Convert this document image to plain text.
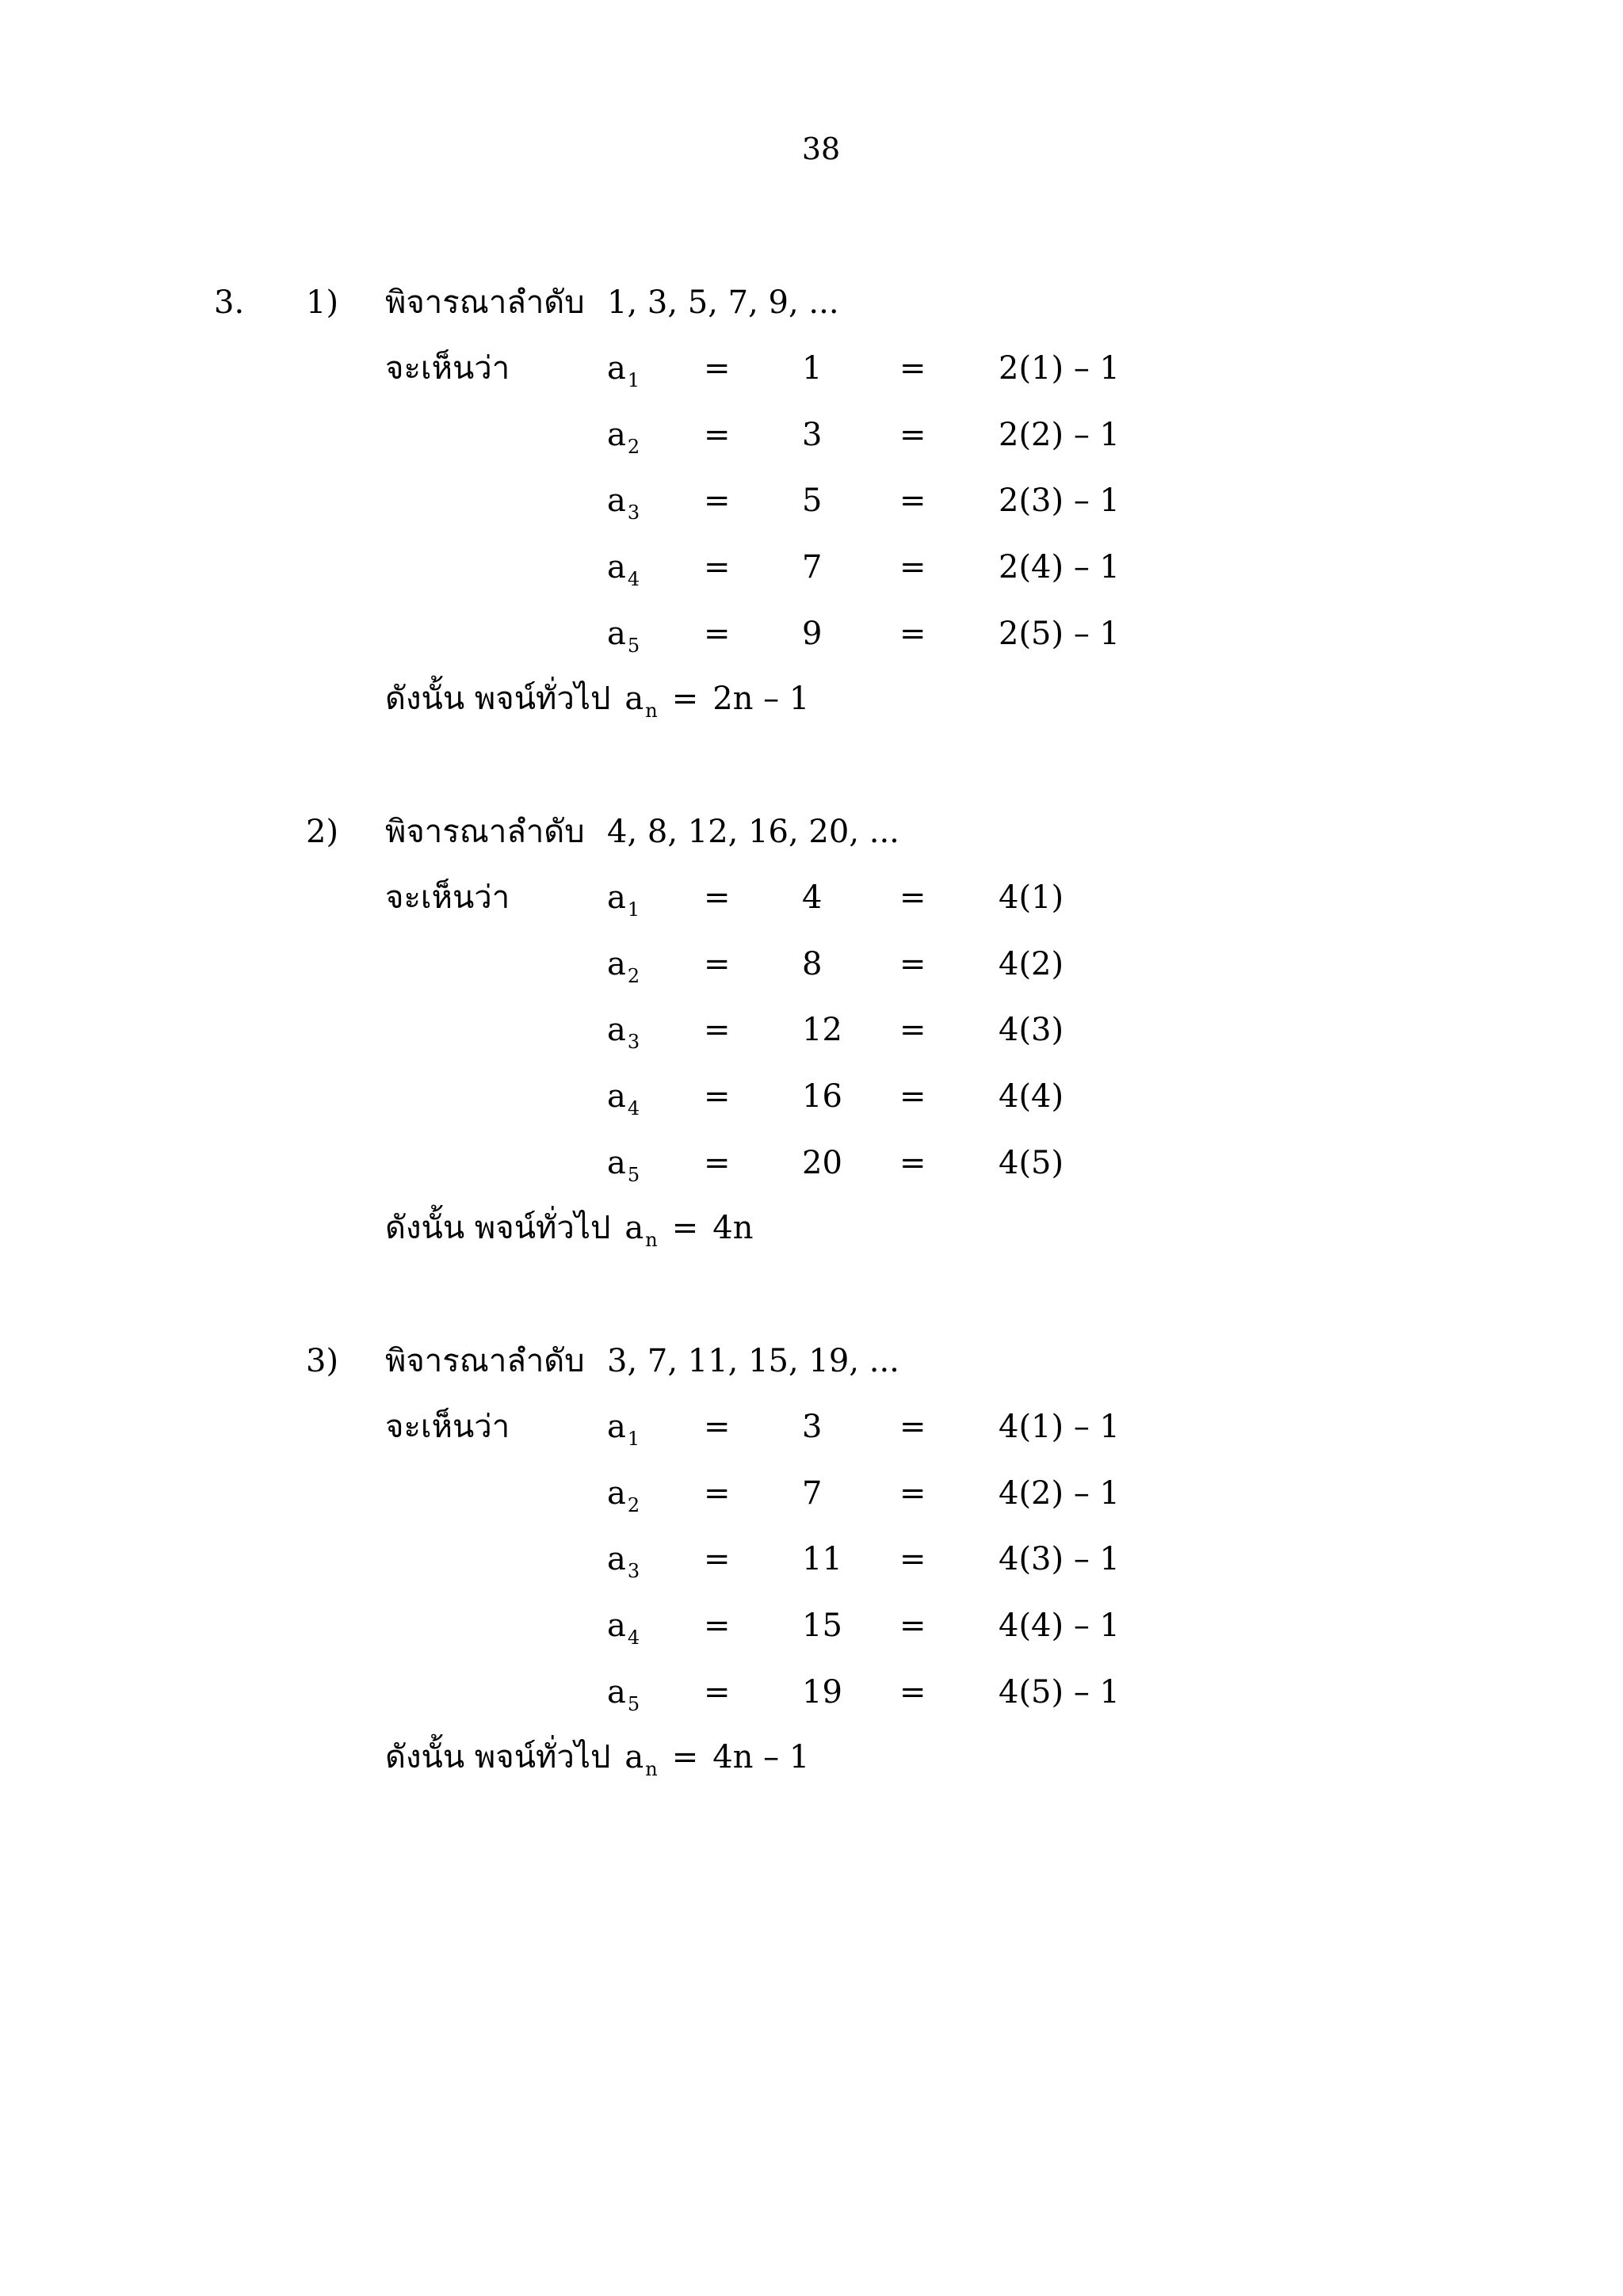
38
3. 1) พิจารณาลำดับ 1, 3, 5, 7, 9, ...
จะเห็นว่า	$a_1 = 1 = 2(1) - 1$
$a_2 = 3 = 2(2) - 1$
$a_3 = 5 = 2(3) - 1$
$a_4 = 7 = 2(4) - 1$
$a_5 = 9 = 2(5) - 1$
ดังนั้น พจน์ทั่วไป $a_n = 2n - 1$
2) พิจารณาลำดับ 4, 8, 12, 16, 20, ...
จะเห็นว่า	$a_1 = 4 = 4(1)$
$a_2 = 8 = 4(2)$
$a_3 = 12 = 4(3)$
$a_4 = 16 = 4(4)$
$a_5 = 20 = 4(5)$
ดังนั้น พจน์ทั่วไป $a_n = 4n$
3) พิจารณาลำดับ 3, 7, 11, 15, 19, ...
จะเห็นว่า	$a_1 = 3 = 4(1) - 1$
$a_2 = 7 = 4(2) - 1$
$a_3 = 11 = 4(3) - 1$
$a_4 = 15 = 4(4) - 1$
$a_5 = 19 = 4(5) - 1$
ดังนั้น พจน์ทั่วไป $a_n = 4n - 1$
